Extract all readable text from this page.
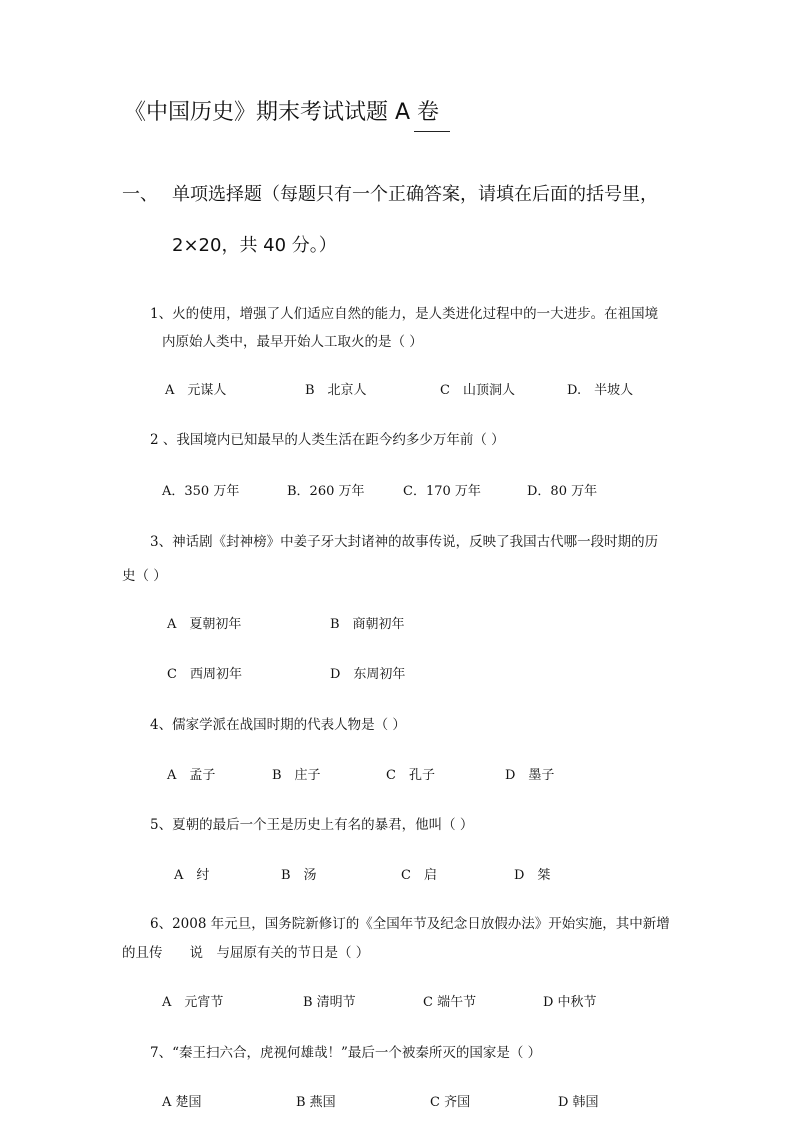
《中国历史》期末考试试题 A 卷
一、 单项选择题（每题只有一个正确答案，请填在后面的括号里，
2×20，共 40 分。）
1、火的使用，增强了人们适应自然的能力，是人类进化过程中的一大进步。在祖国境
内原始人类中，最早开始人工取火的是（ ）
A　元谋人	B　北京人	C　山顶洞人	D.　半坡人
2 、我国境内已知最早的人类生活在距今约多少万年前（ ）
A．350 万年	B．260 万年	C．170 万年	D．80 万年
3、神话剧《封神榜》中姜子牙大封诸神的故事传说，反映了我国古代哪一段时期的历
史（ ）
A　夏朝初年	B　商朝初年
C　西周初年	D　东周初年
4、儒家学派在战国时期的代表人物是（ ）
A　孟子	B　庄子	C　孔子	D　墨子
5、夏朝的最后一个王是历史上有名的暴君，他叫（ ）
A　纣	B　汤	C　启	D　桀
6、2008 年元旦，国务院新修订的《全国年节及纪念日放假办法》开始实施，其中新增
的且传　　说　与屈原有关的节日是（ ）
A　元宵节	B 清明节	C 端午节	D 中秋节
7、“秦王扫六合，虎视何雄哉！”最后一个被秦所灭的国家是（ ）
A 楚国	B 燕国	C 齐国	D 韩国
